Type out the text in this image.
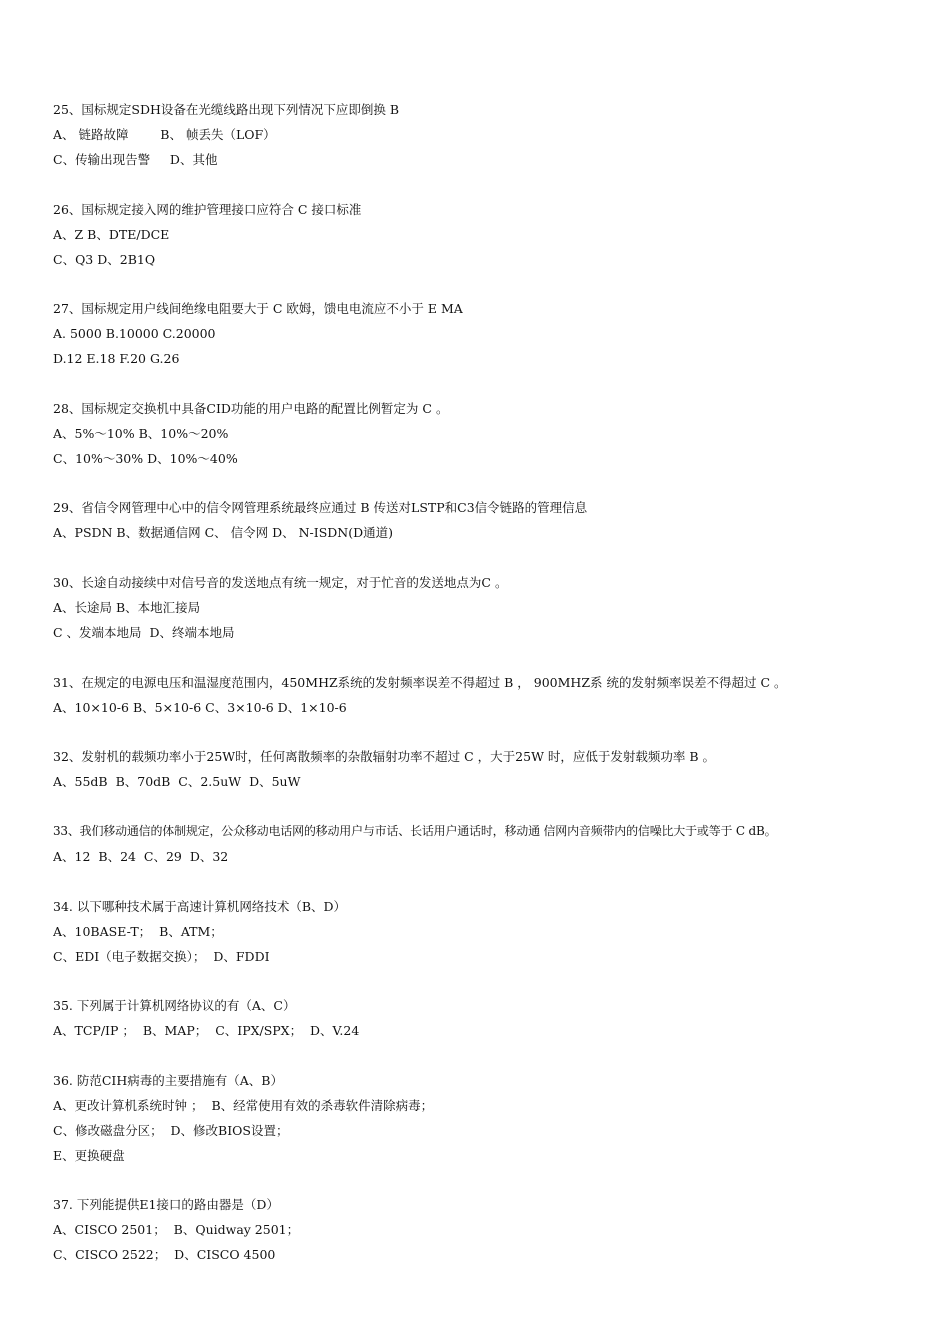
25、国标规定SDH设备在光缆线路出现下列情况下应即倒换 B
A、 链路故障        B、 帧丢失（LOF）
C、传输出现告警     D、其他
26、国标规定接入网的维护管理接口应符合 C 接口标准
A、Z B、DTE/DCE
C、Q3 D、2B1Q
27、国标规定用户线间绝缘电阻要大于 C 欧姆，馈电电流应不小于 E MA
A. 5000 B.10000 C.20000
D.12 E.18 F.20 G.26
28、国标规定交换机中具备CID功能的用户电路的配置比例暂定为 C 。
A、5%～10% B、10%～20%
C、10%～30% D、10%～40%
29、省信令网管理中心中的信令网管理系统最终应通过 B 传送对LSTP和C3信令链路的管理信息
A、PSDN B、数据通信网 C、 信令网 D、 N-ISDN(D通道)
30、长途自动接续中对信号音的发送地点有统一规定，对于忙音的发送地点为C 。
A、长途局 B、本地汇接局
C 、发端本地局  D、终端本地局
31、在规定的电源电压和温湿度范围内，450MHZ系统的发射频率误差不得超过 B ， 900MHZ系 统的发射频率误差不得超过 C 。
A、10×10-6 B、5×10-6 C、3×10-6 D、1×10-6
32、发射机的载频功率小于25W时，任何离散频率的杂散辐射功率不超过 C ，大于25W 时，应低于发射载频功率 B 。
A、55dB  B、70dB  C、2.5uW  D、5uW
33、我们移动通信的体制规定，公众移动电话网的移动用户与市话、长话用户通话时，移动通 信网内音频带内的信噪比大于或等于 C dB。
A、12  B、24  C、29  D、32
34. 以下哪种技术属于高速计算机网络技术（B、D）
A、10BASE-T；  B、ATM；
C、EDI（电子数据交换）；  D、FDDI
35. 下列属于计算机网络协议的有（A、C）
A、TCP/IP ；  B、MAP；  C、IPX/SPX；  D、V.24
36. 防范CIH病毒的主要措施有（A、B）
A、更改计算机系统时钟 ；  B、经常使用有效的杀毒软件清除病毒；
C、修改磁盘分区；  D、修改BIOS设置；
E、更换硬盘
37. 下列能提供E1接口的路由器是（D）
A、CISCO 2501；  B、Quidway 2501；
C、CISCO 2522；  D、CISCO 4500
